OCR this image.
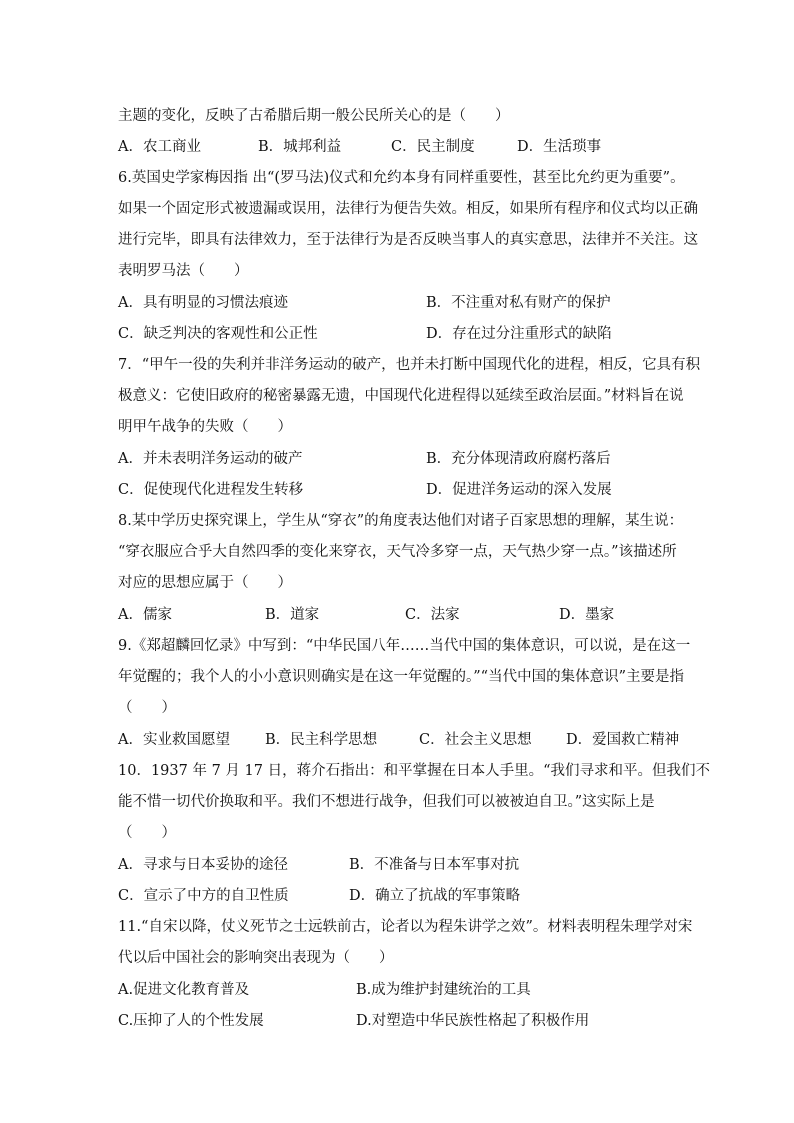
主题的变化，反映了古希腊后期一般公民所关心的是（　　）
A．农工商业	B．城邦利益	C．民主制度	D．生活琐事
6.英国史学家梅因指 出“(罗马法)仪式和允约本身有同样重要性，甚至比允约更为重要”。
如果一个固定形式被遗漏或误用，法律行为便告失效。相反，如果所有程序和仪式均以正确
进行完毕，即具有法律效力，至于法律行为是否反映当事人的真实意思，法律并不关注。这
表明罗马法（　　）
A．具有明显的习惯法痕迹	B．不注重对私有财产的保护
C．缺乏判决的客观性和公正性	D．存在过分注重形式的缺陷
7．“甲午一役的失利并非洋务运动的破产，也并未打断中国现代化的进程，相反，它具有积
极意义：它使旧政府的秘密暴露无遗，中国现代化进程得以延续至政治层面。”材料旨在说
明甲午战争的失败（　　）
A．并未表明洋务运动的破产	B．充分体现清政府腐朽落后
C．促使现代化进程发生转移	D．促进洋务运动的深入发展
8.某中学历史探究课上，学生从“穿衣”的角度表达他们对诸子百家思想的理解，某生说：
“穿衣服应合乎大自然四季的变化来穿衣，天气冷多穿一点，天气热少穿一点。”该描述所
对应的思想应属于（　　）
A．儒家	B．道家	C．法家	D．墨家
9.《郑超麟回忆录》中写到：“中华民国八年……当代中国的集体意识，可以说，是在这一
年觉醒的；我个人的小小意识则确实是在这一年觉醒的。”“当代中国的集体意识”主要是指
（　　）
A．实业救国愿望 B．民主科学思想	C．社会主义思想 D．爱国救亡精神
10．1937 年 7 月 17 日，蒋介石指出：和平掌握在日本人手里。“我们寻求和平。但我们不
能不惜一切代价换取和平。我们不想进行战争，但我们可以被被迫自卫。”这实际上是
（　　）
A．寻求与日本妥协的途径	B．不准备与日本军事对抗
C．宣示了中方的自卫性质	D．确立了抗战的军事策略
11.“自宋以降，仗义死节之士远轶前古，论者以为程朱讲学之效”。材料表明程朱理学对宋
代以后中国社会的影响突出表现为（　　）
A.促进文化教育普及	B.成为维护封建统治的工具
C.压抑了人的个性发展	D.对塑造中华民族性格起了积极作用
